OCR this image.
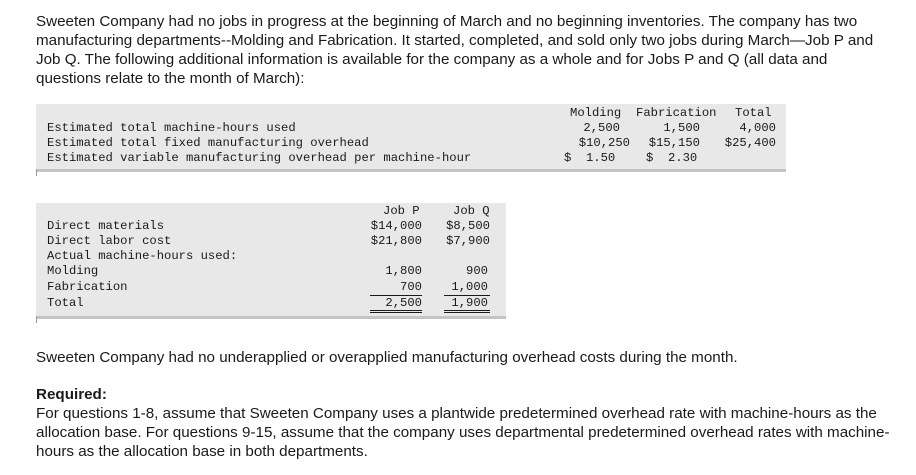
Sweeten Company had no jobs in progress at the beginning of March and no beginning inventories. The company has two manufacturing departments--Molding and Fabrication. It started, completed, and sold only two jobs during March—Job P and Job Q. The following additional information is available for the company as a whole and for Jobs P and Q (all data and questions relate to the month of March):

Molding Fabrication Total
Estimated total machine-hours used	2,500	1,500	4,000
Estimated total fixed manufacturing overhead	$10,250	$15,150	$25,400
Estimated variable manufacturing overhead per machine-hour	$  1.50	$  2.30
Job P	Job Q
Direct materials	$14,000	$8,500
Direct labor cost	$21,800	$7,900
Actual machine-hours used:
Molding	1,800	900
Fabrication	700	1,000
Total	2,500	1,900

Sweeten Company had no underapplied or overapplied manufacturing overhead costs during the month.

Required:

For questions 1-8, assume that Sweeten Company uses a plantwide predetermined overhead rate with machine-hours as the allocation base. For questions 9-15, assume that the company uses departmental predetermined overhead rates with machine-hours as the allocation base in both departments.
